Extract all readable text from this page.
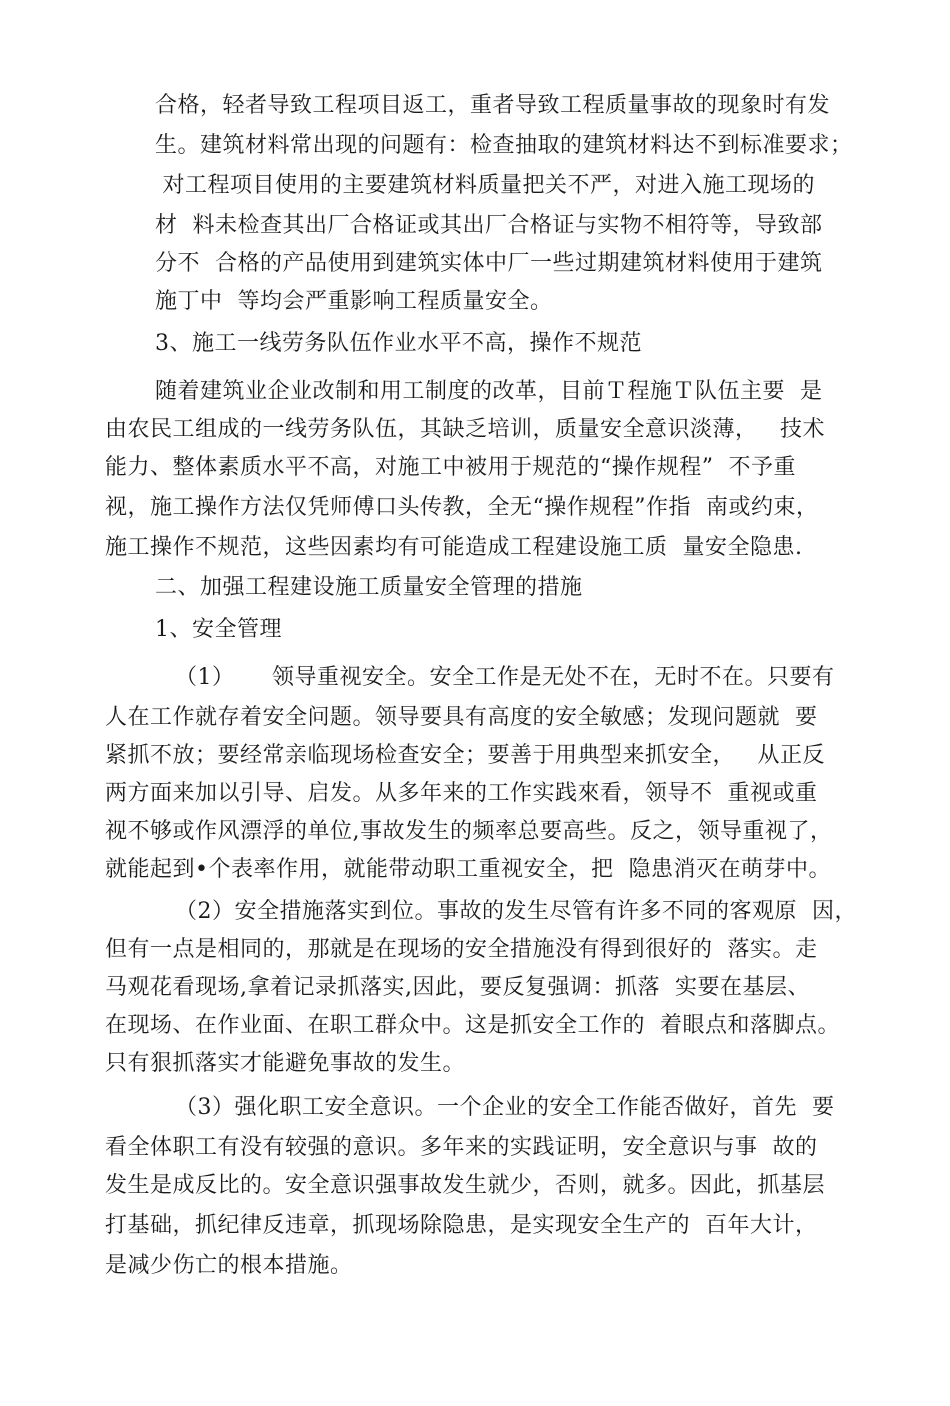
合格，轻者导致工程项目返工，重者导致工程质量事故的现象时有发
生。建筑材料常出现的问题有：检查抽取的建筑材料达不到标准要求；
对工程项目使用的主要建筑材料质量把关不严，对进入施工现场的
材  料未检查其出厂合格证或其出厂合格证与实物不相符等，导致部
分不  合格的产品使用到建筑实体中厂一些过期建筑材料使用于建筑
施丁中  等均会严重影响工程质量安全。
3、施工一线劳务队伍作业水平不高，操作不规范
随着建筑业企业改制和用工制度的改革，目前Ｔ程施Ｔ队伍主要  是
由农民工组成的一线劳务队伍，其缺乏培训，质量安全意识淡薄，   技术
能力、整体素质水平不高，对施工中被用于规范的“操作规程”  不予重
视，施工操作方法仅凭师傅口头传教，全无“操作规程”作指  南或约束，
施工操作不规范，这些因素均有可能造成工程建设施工质  量安全隐患.
二、加强工程建设施工质量安全管理的措施
1、安全管理
（1）     领导重视安全。安全工作是无处不在，无时不在。只要有
人在工作就存着安全问题。领导要具有高度的安全敏感；发现问题就  要
紧抓不放；要经常亲临现场检查安全；要善于用典型来抓安全，   从正反
两方面来加以引导、启发。从多年来的工作实践來看，领导不  重视或重
视不够或作风漂浮的单位,事故发生的频率总要高些。反之，领导重视了，
就能起到•个表率作用，就能带动职工重视安全，把  隐患消灭在萌芽中。
（2）安全措施落实到位。事故的发生尽管有许多不同的客观原  因，
但有一点是相同的，那就是在现场的安全措施没有得到很好的  落实。走
马观花看现场,拿着记录抓落实,因此，要反复强调：抓落  实要在基层、
在现场、在作业面、在职工群众中。这是抓安全工作的  着眼点和落脚点。
只有狠抓落实才能避免事故的发生。
（3）强化职工安全意识。一个企业的安全工作能否做好，首先  要
看全体职工有没有较强的意识。多年来的实践证明，安全意识与事  故的
发生是成反比的。安全意识强事故发生就少，否则，就多。因此，抓基层
打基础，抓纪律反违章，抓现场除隐患，是实现安全生产的  百年大计，
是减少伤亡的根本措施。
